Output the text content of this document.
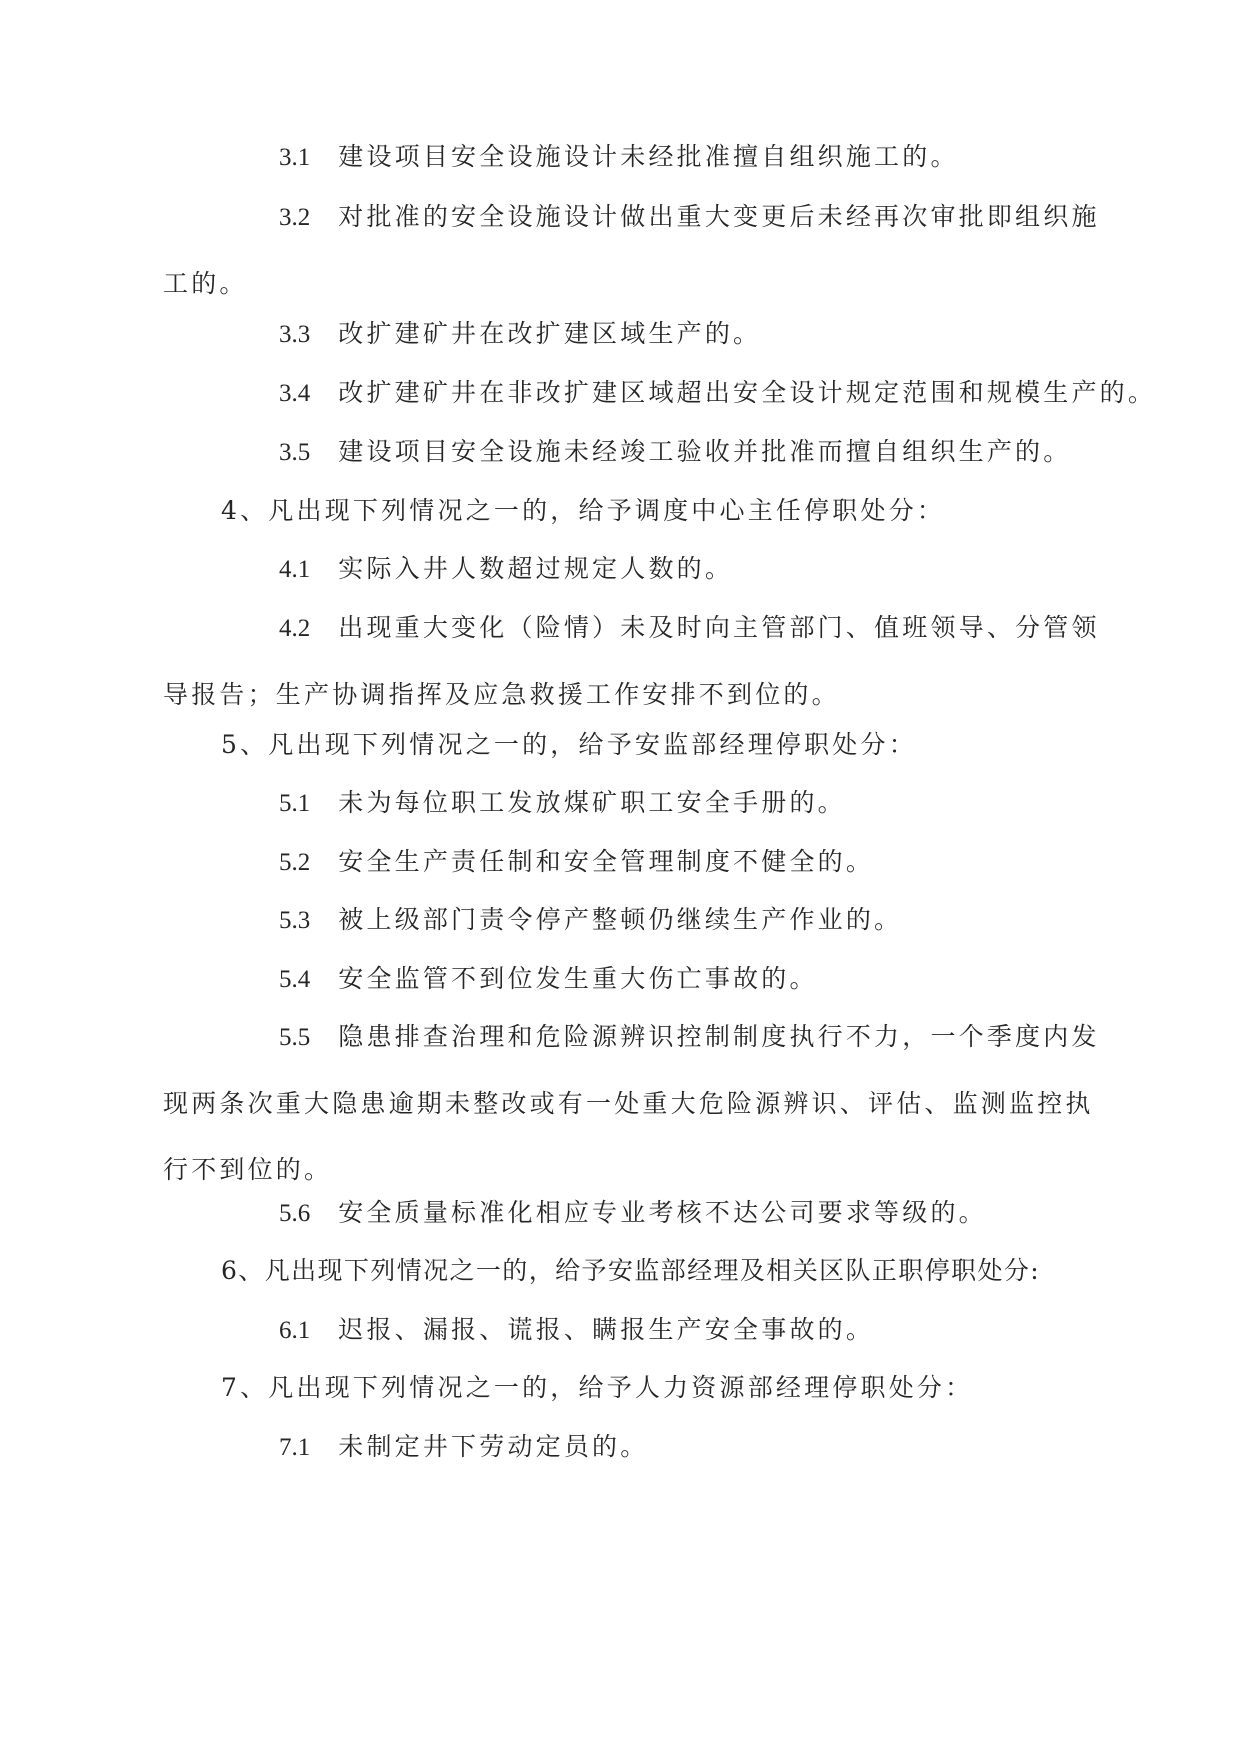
3.1 建设项目安全设施设计未经批准擅自组织施工的。

3.2 对批准的安全设施设计做出重大变更后未经再次审批即组织施工的。

3.3 改扩建矿井在改扩建区域生产的。

3.4 改扩建矿井在非改扩建区域超出安全设计规定范围和规模生产的。

3.5 建设项目安全设施未经竣工验收并批准而擅自组织生产的。

4、凡出现下列情况之一的，给予调度中心主任停职处分：

4.1 实际入井人数超过规定人数的。

4.2 出现重大变化（险情）未及时向主管部门、值班领导、分管领导报告；生产协调指挥及应急救援工作安排不到位的。

5、凡出现下列情况之一的，给予安监部经理停职处分：

5.1 未为每位职工发放煤矿职工安全手册的。

5.2 安全生产责任制和安全管理制度不健全的。

5.3 被上级部门责令停产整顿仍继续生产作业的。

5.4 安全监管不到位发生重大伤亡事故的。

5.5 隐患排查治理和危险源辨识控制制度执行不力，一个季度内发现两条次重大隐患逾期未整改或有一处重大危险源辨识、评估、监测监控执行不到位的。

5.6 安全质量标准化相应专业考核不达公司要求等级的。

6、凡出现下列情况之一的，给予安监部经理及相关区队正职停职处分:

6.1 迟报、漏报、谎报、瞒报生产安全事故的。

7、凡出现下列情况之一的，给予人力资源部经理停职处分：

7.1 未制定井下劳动定员的。
